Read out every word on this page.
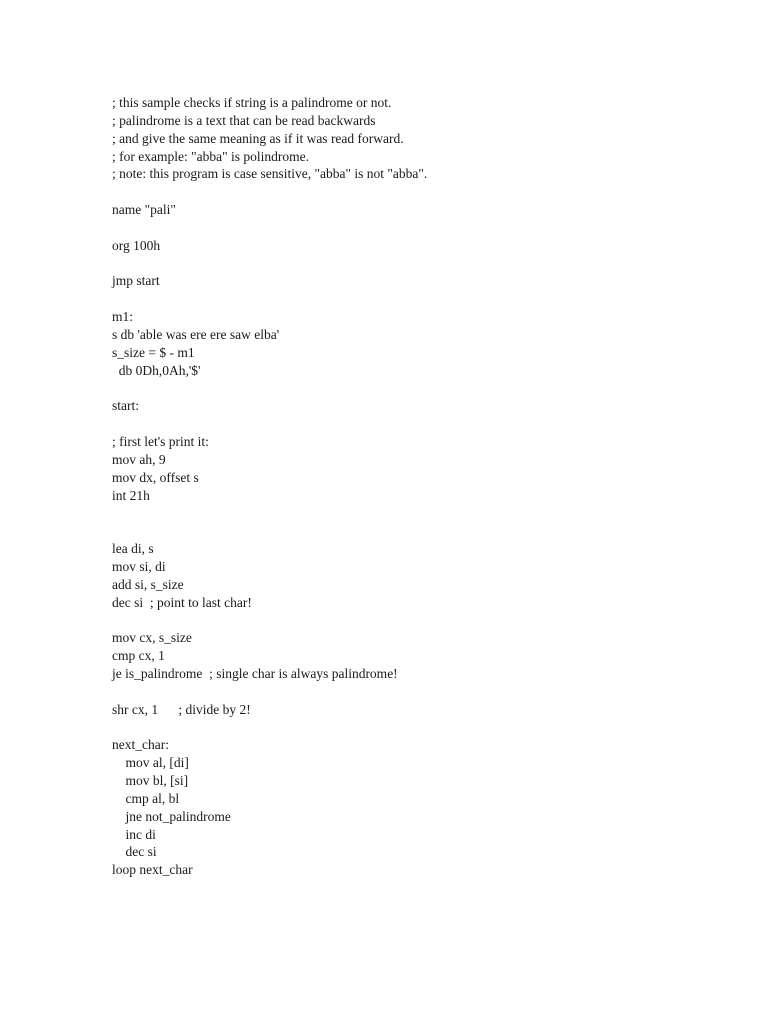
; this sample checks if string is a palindrome or not.
; palindrome is a text that can be read backwards
; and give the same meaning as if it was read forward.
; for example: "abba" is polindrome.
; note: this program is case sensitive, "abba" is not "abba".
name "pali"
org 100h
jmp start
m1:
s db 'able was ere ere saw elba'
s_size = $ - m1
db 0Dh,0Ah,'$'
start:
; first let's print it:
mov ah, 9
mov dx, offset s
int 21h
lea di, s
mov si, di
add si, s_size
dec si  ; point to last char!
mov cx, s_size
cmp cx, 1
je is_palindrome  ; single char is always palindrome!
shr cx, 1      ; divide by 2!
next_char:
mov al, [di]
mov bl, [si]
cmp al, bl
jne not_palindrome
inc di
dec si
loop next_char
